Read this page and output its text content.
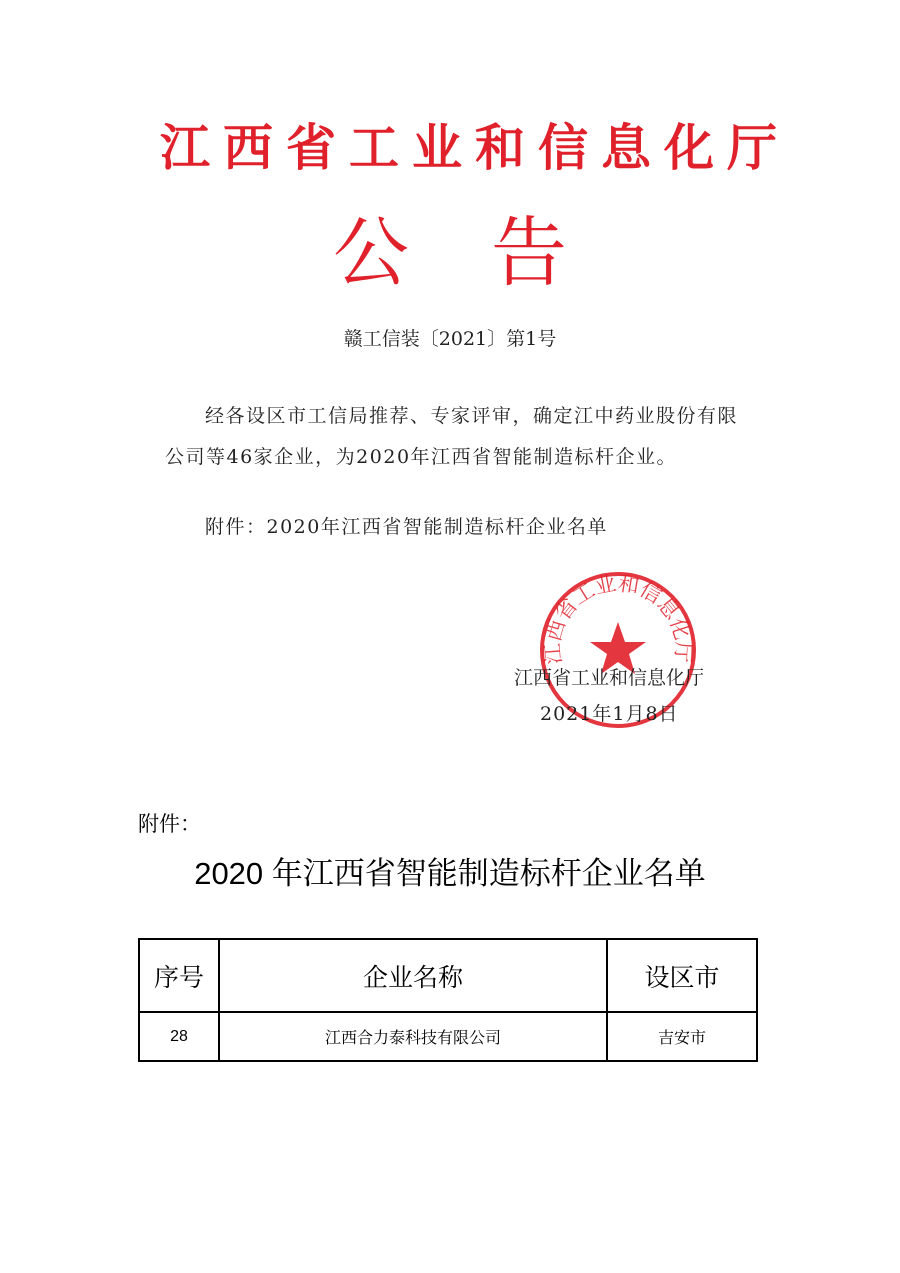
江西省工业和信息化厅
公告
赣工信装〔2021〕第1号
经各设区市工信局推荐、专家评审，确定江中药业股份有限公司等46家企业，为2020年江西省智能制造标杆企业。
附件：2020年江西省智能制造标杆企业名单
江西省工业和信息化厅
江西省工业和信息化厅
2021年1月8日
附件：
2020 年江西省智能制造标杆企业名单
序号	企业名称	设区市
28	江西合力泰科技有限公司	吉安市
